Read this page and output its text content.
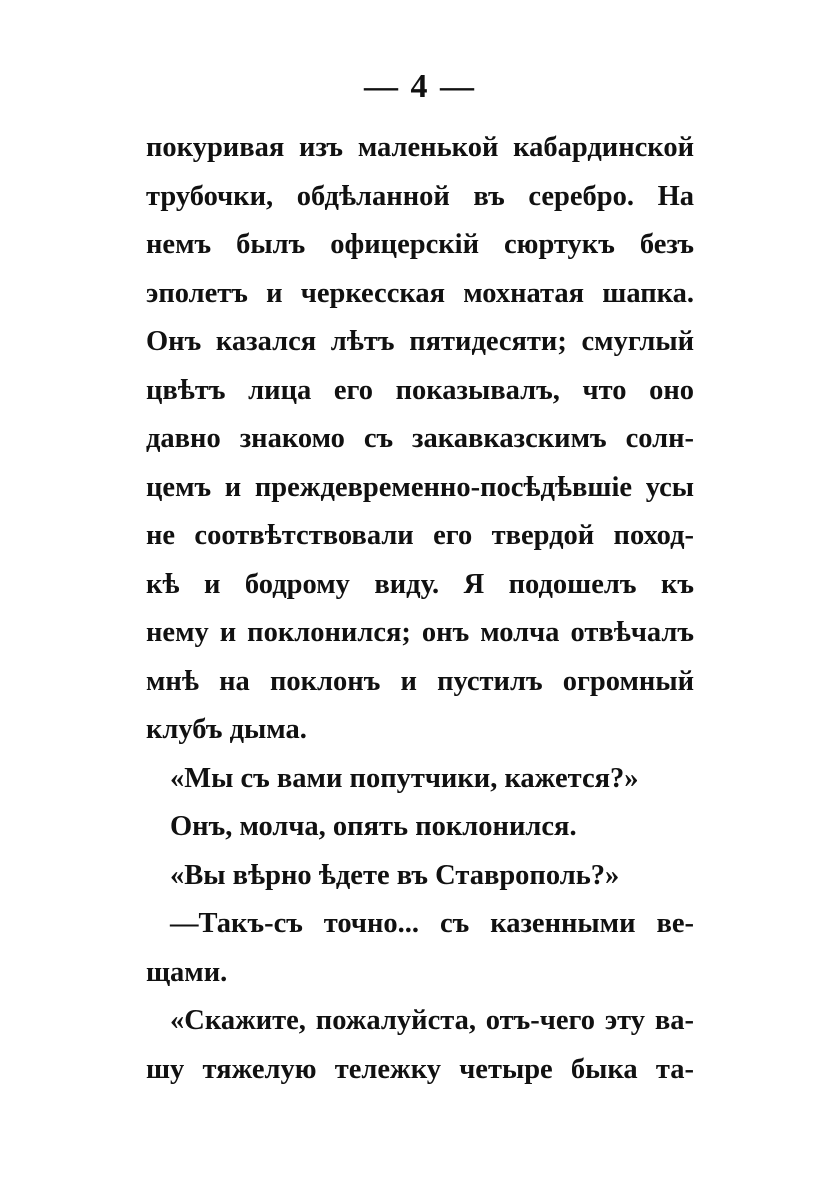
— 4 —
покуривая изъ маленькой кабардинской
трубочки, обдѣланной въ серебро. На
немъ былъ офицерскій сюртукъ безъ
эполетъ и черкесская мохнатая шапка.
Онъ казался лѣтъ пятидесяти; смуглый
цвѣтъ лица его показывалъ, что оно
давно знакомо съ закавказскимъ солн-
цемъ и преждевременно-посѣдѣвшіе усы
не соотвѣтствовали его твердой поход-
кѣ и бодрому виду. Я подошелъ къ
нему и поклонился; онъ молча отвѣчалъ
мнѣ на поклонъ и пустилъ огромный
клубъ дыма.
«Мы съ вами попутчики, кажется?»
Онъ, молча, опять поклонился.
«Вы вѣрно ѣдете въ Ставрополь?»
—Такъ-съ точно... съ казенными ве-
щами.
«Скажите, пожалуйста, отъ-чего эту ва-
шу тяжелую тележку четыре быка та-
